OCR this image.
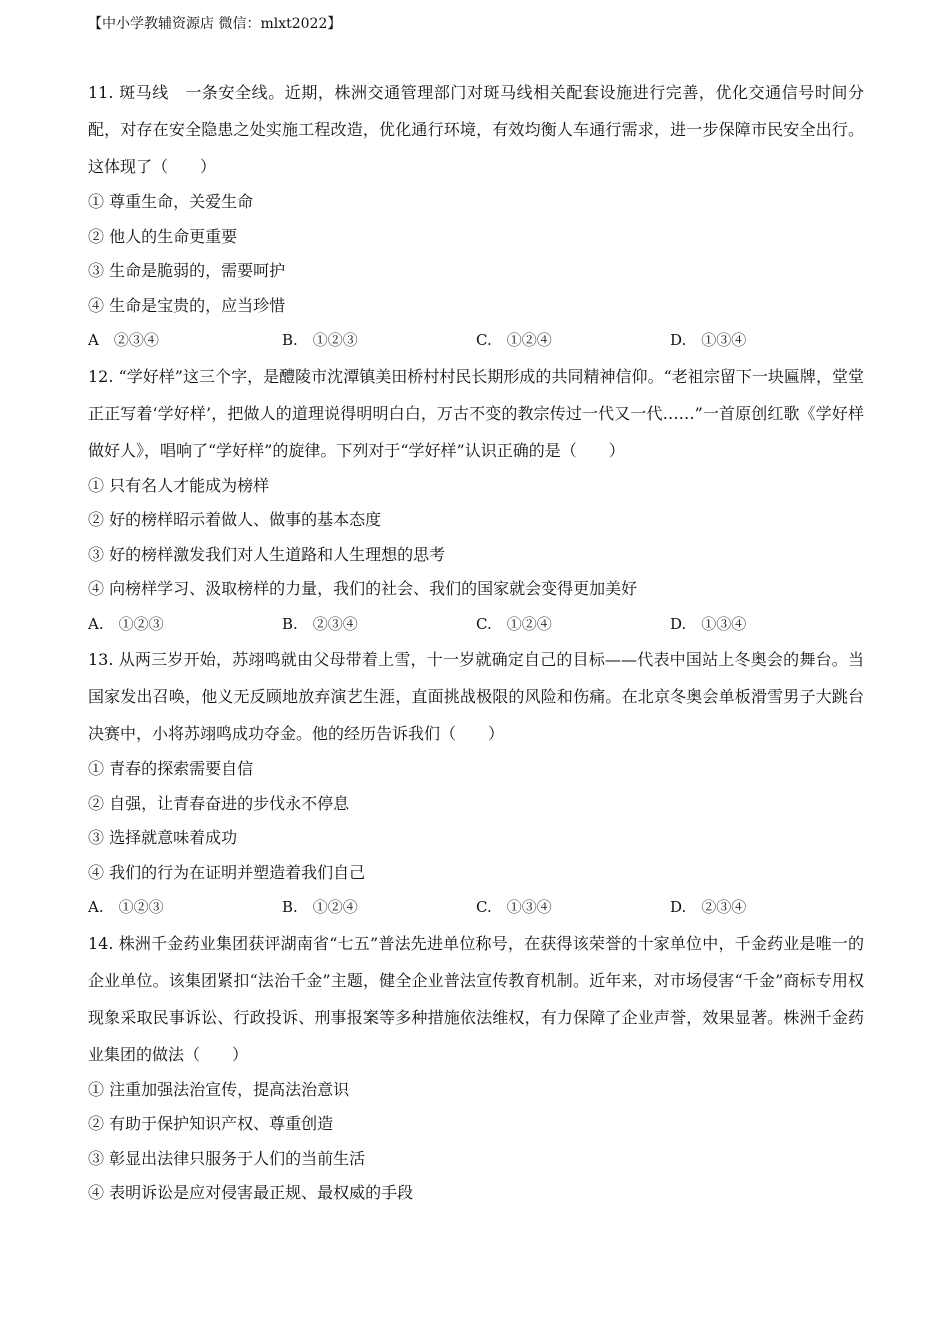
【中小学教辅资源店 微信：mlxt2022】

11. 斑马线　一条安全线。近期，株洲交通管理部门对斑马线相关配套设施进行完善，优化交通信号时间分配，对存在安全隐患之处实施工程改造，优化通行环境，有效均衡人车通行需求，进一步保障市民安全出行。这体现了（　　）

① 尊重生命，关爱生命

② 他人的生命更重要

③ 生命是脆弱的，需要呵护

④ 生命是宝贵的，应当珍惜

A　②③④	B.　①②③	C.　①②④	D.　①③④

12. “学好样”这三个字，是醴陵市沈潭镇美田桥村村民长期形成的共同精神信仰。“老祖宗留下一块匾牌，堂堂正正写着‘学好样’，把做人的道理说得明明白白，万古不变的教宗传过一代又一代……”一首原创红歌《学好样　做好人》，唱响了“学好样”的旋律。下列对于“学好样”认识正确的是（　　）

① 只有名人才能成为榜样

② 好的榜样昭示着做人、做事的基本态度

③ 好的榜样激发我们对人生道路和人生理想的思考

④ 向榜样学习、汲取榜样的力量，我们的社会、我们的国家就会变得更加美好

A.　①②③	B.　②③④	C.　①②④	D.　①③④

13. 从两三岁开始，苏翊鸣就由父母带着上雪，十一岁就确定自己的目标——代表中国站上冬奥会的舞台。当国家发出召唤，他义无反顾地放弃演艺生涯，直面挑战极限的风险和伤痛。在北京冬奥会单板滑雪男子大跳台决赛中，小将苏翊鸣成功夺金。他的经历告诉我们（　　）

① 青春的探索需要自信

② 自强，让青春奋进的步伐永不停息

③ 选择就意味着成功

④ 我们的行为在证明并塑造着我们自己

A.　①②③	B.　①②④	C.　①③④	D.　②③④

14. 株洲千金药业集团获评湖南省“七五”普法先进单位称号，在获得该荣誉的十家单位中，千金药业是唯一的企业单位。该集团紧扣“法治千金”主题，健全企业普法宣传教育机制。近年来，对市场侵害“千金”商标专用权现象采取民事诉讼、行政投诉、刑事报案等多种措施依法维权，有力保障了企业声誉，效果显著。株洲千金药业集团的做法（　　）

① 注重加强法治宣传，提高法治意识

② 有助于保护知识产权、尊重创造

③ 彰显出法律只服务于人们的当前生活

④ 表明诉讼是应对侵害最正规、最权威的手段
